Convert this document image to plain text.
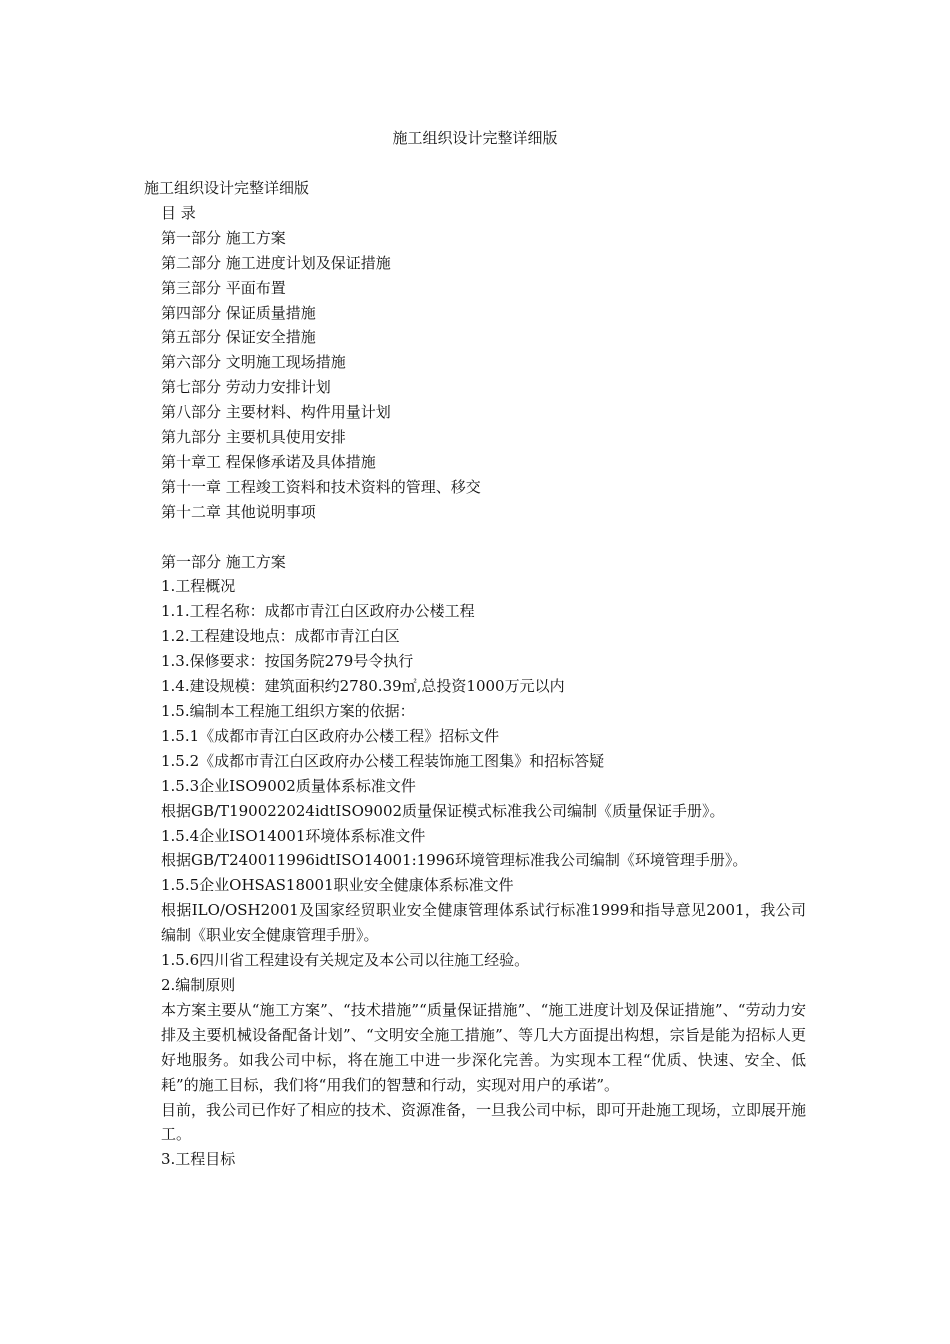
施工组织设计完整详细版

施工组织设计完整详细版

目 录

第一部分 施工方案

第二部分 施工进度计划及保证措施

第三部分 平面布置

第四部分 保证质量措施

第五部分 保证安全措施

第六部分 文明施工现场措施

第七部分 劳动力安排计划

第八部分 主要材料、构件用量计划

第九部分 主要机具使用安排

第十章工 程保修承诺及具体措施

第十一章 工程竣工资料和技术资料的管理、移交

第十二章 其他说明事项

第一部分 施工方案

1.工程概况

1.1.工程名称：成都市青江白区政府办公楼工程

1.2.工程建设地点：成都市青江白区

1.3.保修要求：按国务院279号令执行

1.4.建设规模：建筑面积约2780.39㎡,总投资1000万元以内

1.5.编制本工程施工组织方案的依据：

1.5.1《成都市青江白区政府办公楼工程》招标文件

1.5.2《成都市青江白区政府办公楼工程装饰施工图集》和招标答疑

1.5.3企业ISO9002质量体系标准文件

根据GB/T190022024idtISO9002质量保证模式标准我公司编制《质量保证手册》。

1.5.4企业ISO14001环境体系标准文件

根据GB/T240011996idtISO14001:1996环境管理标准我公司编制《环境管理手册》。

1.5.5企业OHSAS18001职业安全健康体系标准文件

根据ILO/OSH2001及国家经贸职业安全健康管理体系试行标准1999和指导意见2001，我公司编制《职业安全健康管理手册》。

1.5.6四川省工程建设有关规定及本公司以往施工经验。

2.编制原则

本方案主要从“施工方案”、“技术措施”“质量保证措施”、“施工进度计划及保证措施”、“劳动力安排及主要机械设备配备计划”、“文明安全施工措施”、等几大方面提出构想，宗旨是能为招标人更好地服务。如我公司中标，将在施工中进一步深化完善。为实现本工程“优质、快速、安全、低耗”的施工目标，我们将“用我们的智慧和行动，实现对用户的承诺”。

目前，我公司已作好了相应的技术、资源准备，一旦我公司中标，即可开赴施工现场，立即展开施工。

3.工程目标
